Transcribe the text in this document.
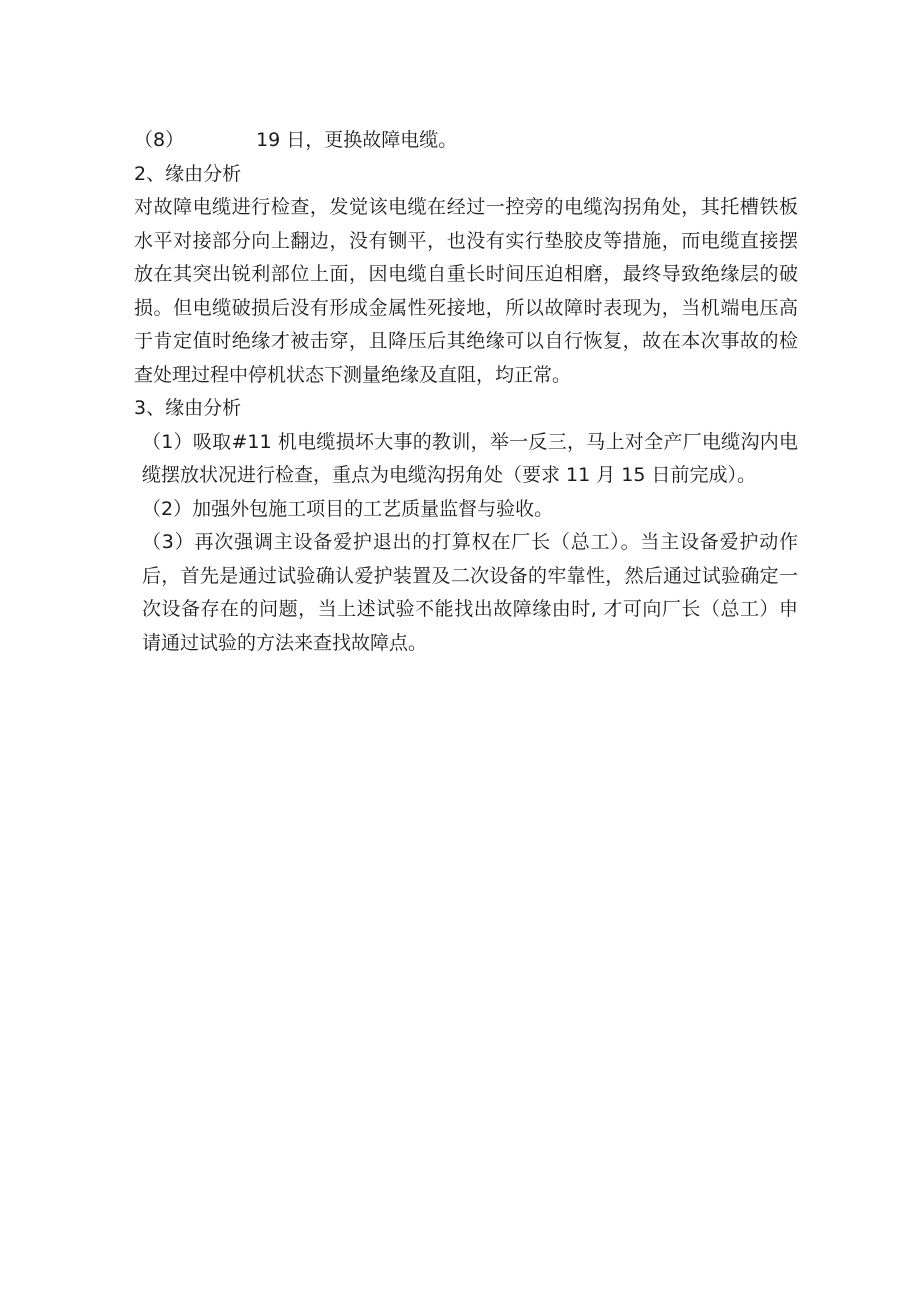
（8）	19 日，更换故障电缆。

2、缘由分析

对故障电缆进行检查，发觉该电缆在经过一控旁的电缆沟拐角处，其托槽铁板水平对接部分向上翻边，没有铡平，也没有实行垫胶皮等措施，而电缆直接摆放在其突出锐利部位上面，因电缆自重长时间压迫相磨，最终导致绝缘层的破损。但电缆破损后没有形成金属性死接地，所以故障时表现为，当机端电压高于肯定值时绝缘才被击穿，且降压后其绝缘可以自行恢复，故在本次事故的检查处理过程中停机状态下测量绝缘及直阻，均正常。

3、缘由分析

（1）吸取#11 机电缆损坏大事的教训，举一反三，马上对全产厂电缆沟内电缆摆放状况进行检查，重点为电缆沟拐角处（要求 11 月 15 日前完成）。

（2）加强外包施工项目的工艺质量监督与验收。

（3）再次强调主设备爱护退出的打算权在厂长（总工）。当主设备爱护动作后，首先是通过试验确认爱护装置及二次设备的牢靠性，然后通过试验确定一次设备存在的问题，当上述试验不能找出故障缘由时, 才可向厂长（总工）申请通过试验的方法来查找故障点。
